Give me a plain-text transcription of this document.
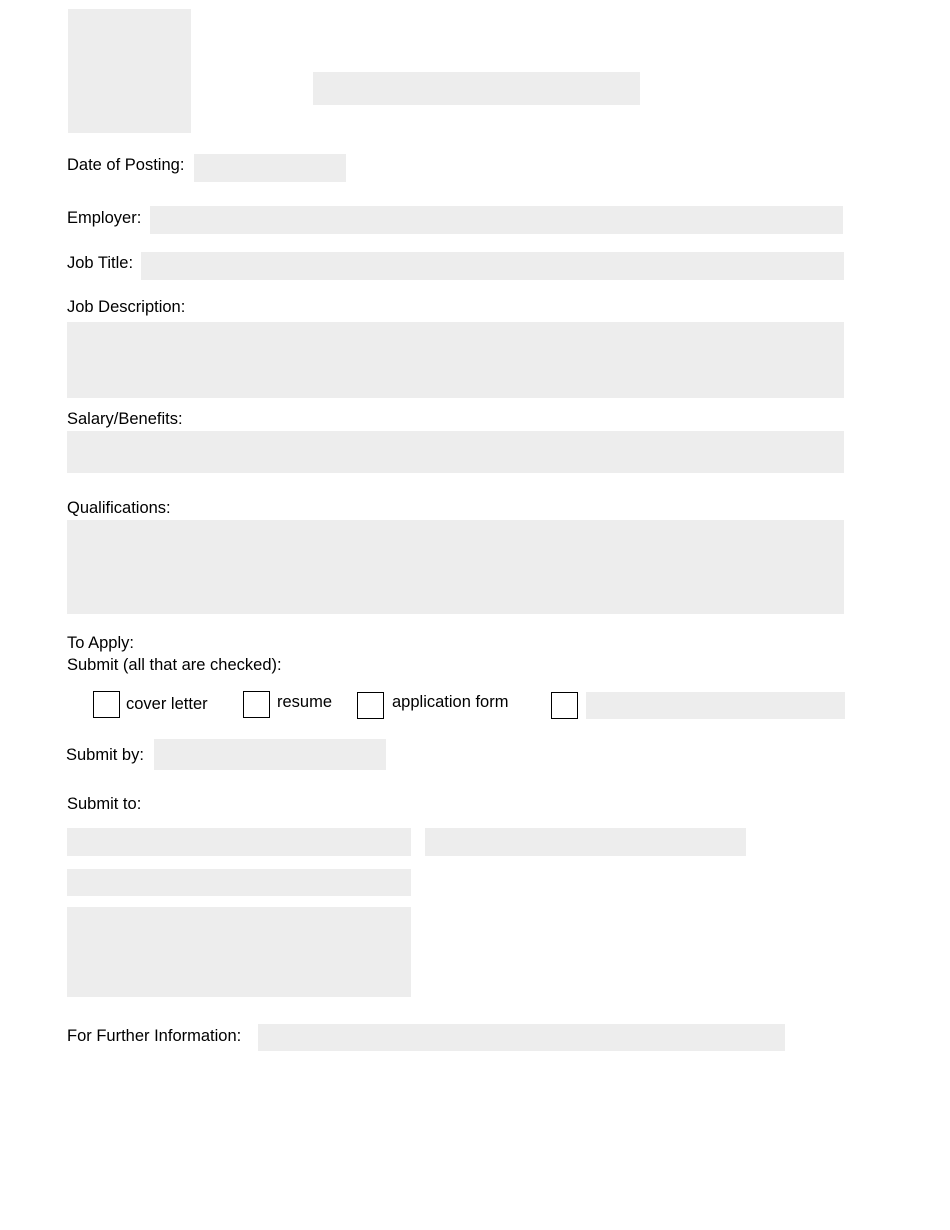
Date of Posting:
Employer:
Job Title:
Job Description:
Salary/Benefits:
Qualifications:
To Apply:
Submit (all that are checked):
cover letter	resume	application form
Submit by:
Submit to:
For Further Information:
